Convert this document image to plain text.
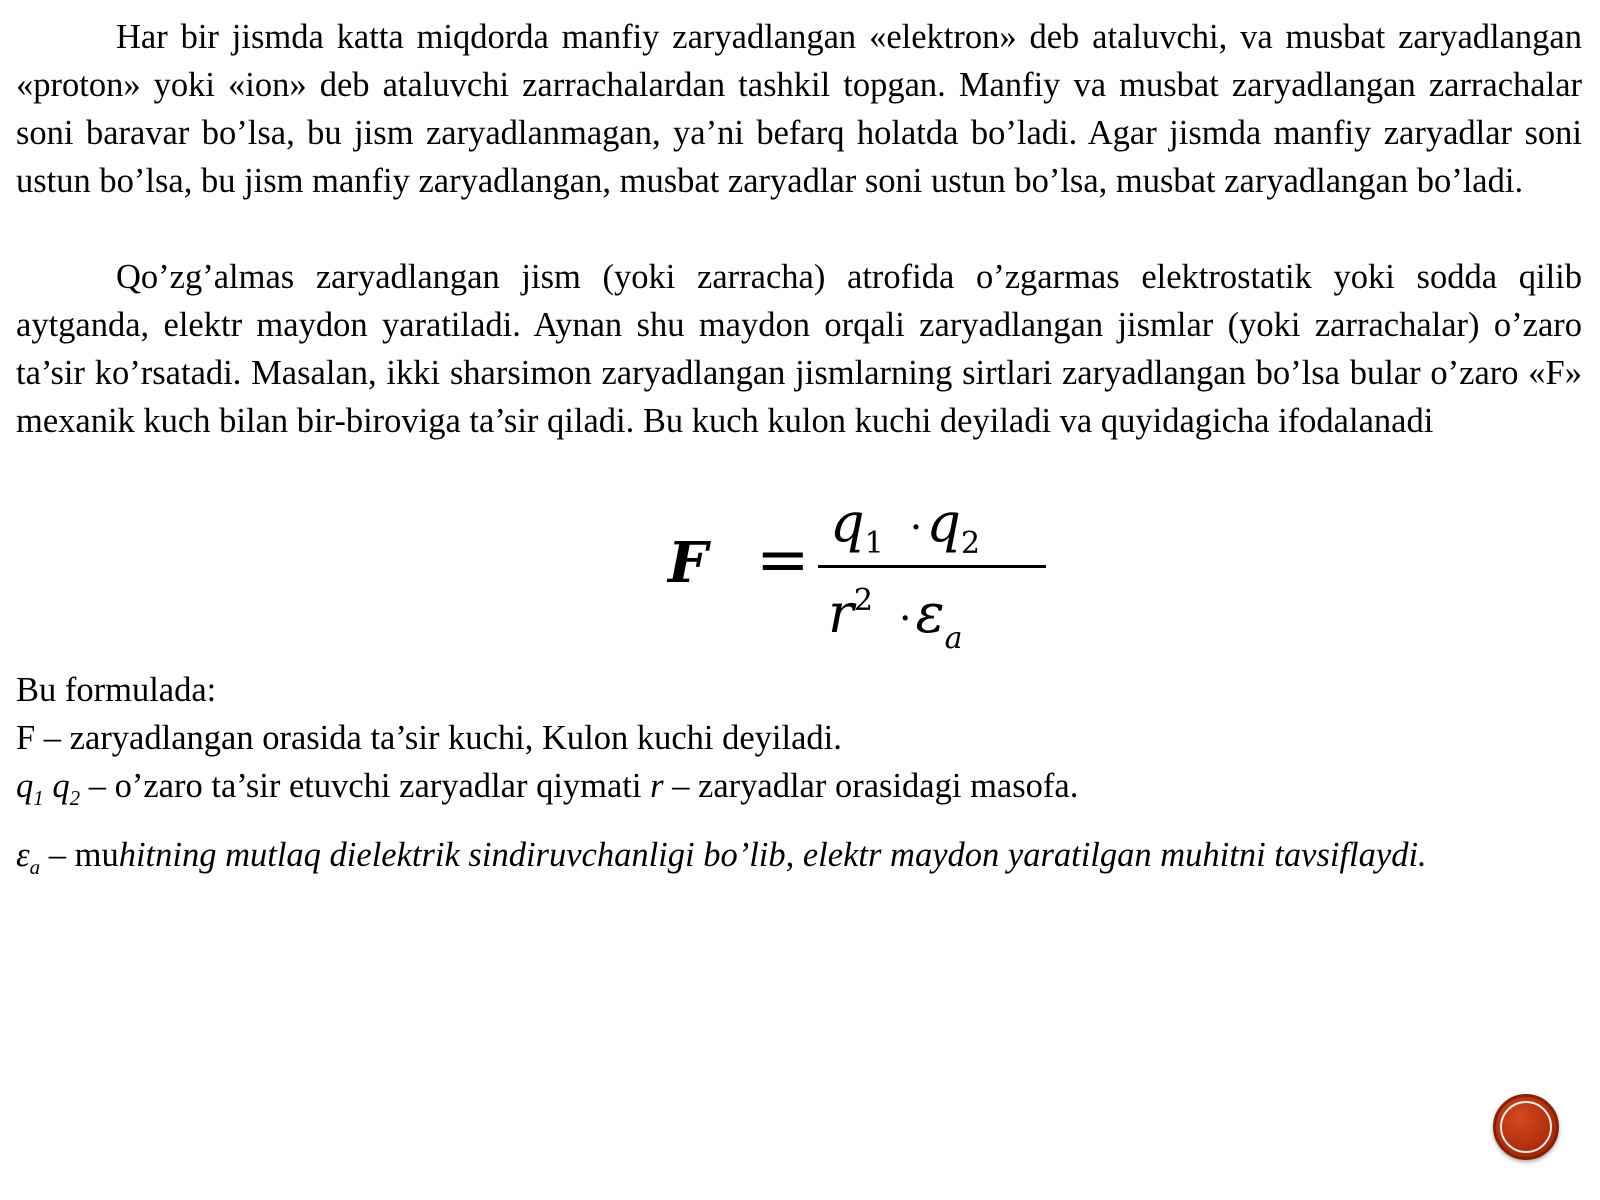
Har bir jismda katta miqdorda manfiy zaryadlangan «elektron» deb ataluvchi, va musbat zaryadlangan «proton» yoki «ion» deb ataluvchi zarrachalardan tashkil topgan. Manfiy va musbat zaryadlangan zarrachalar soni baravar bo’lsa, bu jism zaryadlanmagan, ya’ni befarq holatda bo’ladi. Agar jismda manfiy zaryadlar soni ustun bo’lsa, bu jism manfiy zaryadlangan, musbat zaryadlar soni ustun bo’lsa, musbat zaryadlangan bo’ladi.

Qo’zg’almas zaryadlangan jism (yoki zarracha) atrofida o’zgarmas elektrostatik yoki sodda qilib aytganda, elektr maydon yaratiladi. Aynan shu maydon orqali zaryadlangan jismlar (yoki zarrachalar) o’zaro ta’sir ko’rsatadi. Masalan, ikki sharsimon zaryadlangan jismlarning sirtlari zaryadlangan bo’lsa bular o’zaro «F» mexanik kuch bilan bir-biroviga ta’sir qiladi. Bu kuch kulon kuchi deyiladi va quyidagicha ifodalanadi

F =
$q_1 \cdot q_2$
$r^2 \cdot\varepsilon_a$

Bu formulada:

F – zaryadlangan orasida ta’sir kuchi, Kulon kuchi deyiladi.

$q_1$ $q_2$ – o’zaro ta’sir etuvchi zaryadlar qiymati r – zaryadlar orasidagi masofa.

$\varepsilon_a$ – muhitning mutlaq dielektrik sindiruvchanligi bo’lib, elektr maydon yaratilgan muhitni tavsiflaydi.
